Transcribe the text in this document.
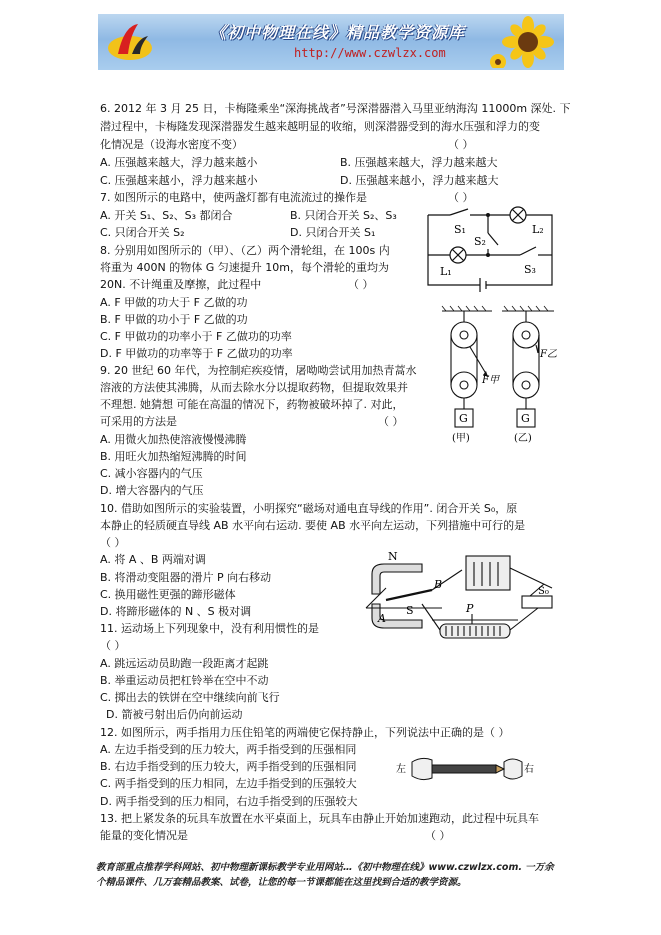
《初中物理在线》精品教学资源库
http://www.czwlzx.com
6. 2012 年 3 月 25 日，卡梅隆乘坐“深海挑战者”号深潜器潜入马里亚纳海沟 11000m 深处. 下
潜过程中，卡梅隆发现深潜器发生越来越明显的收缩，则深潜器受到的海水压强和浮力的变
化情况是（设海水密度不变）	（ ）
A. 压强越来越大，浮力越来越小	B. 压强越来越大，浮力越来越大
C. 压强越来越小，浮力越来越小	D. 压强越来越小，浮力越来越大
7. 如图所示的电路中，使两盏灯都有电流流过的操作是	（ ）
A. 开关 S₁、S₂、S₃ 都闭合	B. 只闭合开关 S₂、S₃
C. 只闭合开关 S₂	D. 只闭合开关 S₁	S₁
S₂
L₂
L₁	S₃
8. 分别用如图所示的（甲）、（乙）两个滑轮组，在 100s 内
将重为 400N 的物体 G 匀速提升 10m，每个滑轮的重均为
20N. 不计绳重及摩擦，此过程中	（ ）
A. F 甲做的功大于 F 乙做的功
B. F 甲做的功小于 F 乙做的功
C. F 甲做功的功率小于 F 乙做功的功率
D. F 甲做功的功率等于 F 乙做功的功率
F甲
F乙
G	G
(甲)	(乙)
9. 20 世纪 60 年代，为控制疟疾疫情，屠呦呦尝试用加热青蒿水
溶液的方法使其沸腾，从而去除水分以提取药物，但提取效果并
不理想. 她猜想 可能在高温的情况下，药物被破坏掉了. 对此，
可采用的方法是	（ ）
A. 用微火加热使溶液慢慢沸腾
B. 用旺火加热缩短沸腾的时间
C. 减小容器内的气压
D. 增大容器内的气压
10. 借助如图所示的实验装置，小明探究“磁场对通电直导线的作用”. 闭合开关 S₀，原
本静止的轻质硬直导线 AB 水平向右运动. 要使 AB 水平向左运动，下列措施中可行的是
（ ）
A. 将 A 、B 两端对调
B. 将滑动变阻器的滑片 P 向右移动
C. 换用磁性更强的蹄形磁体
D. 将蹄形磁体的 N 、S 极对调
N
S
A
B
P
S₀
11. 运动场上下列现象中，没有利用惯性的是
（ ）
A. 跳远运动员助跑一段距离才起跳
B. 举重运动员把杠铃举在空中不动
C. 掷出去的铁饼在空中继续向前飞行
D. 箭被弓射出后仍向前运动
12. 如图所示，两手指用力压住铅笔的两端使它保持静止，下列说法中正确的是（ ）
A. 左边手指受到的压力较大，两手指受到的压强相同
B. 右边手指受到的压力较大，两手指受到的压强相同
C. 两手指受到的压力相同，左边手指受到的压强较大
D. 两手指受到的压力相同，右边手指受到的压强较大
左	右
13. 把上紧发条的玩具车放置在水平桌面上，玩具车由静止开始加速跑动，此过程中玩具车
能量的变化情况是	（ ）
教育部重点推荐学科网站、初中物理新课标教学专业用网站…《初中物理在线》www.czwlzx.com. 一万余
个精品课件、几万套精品教案、试卷，让您的每一节课都能在这里找到合适的教学资源。
